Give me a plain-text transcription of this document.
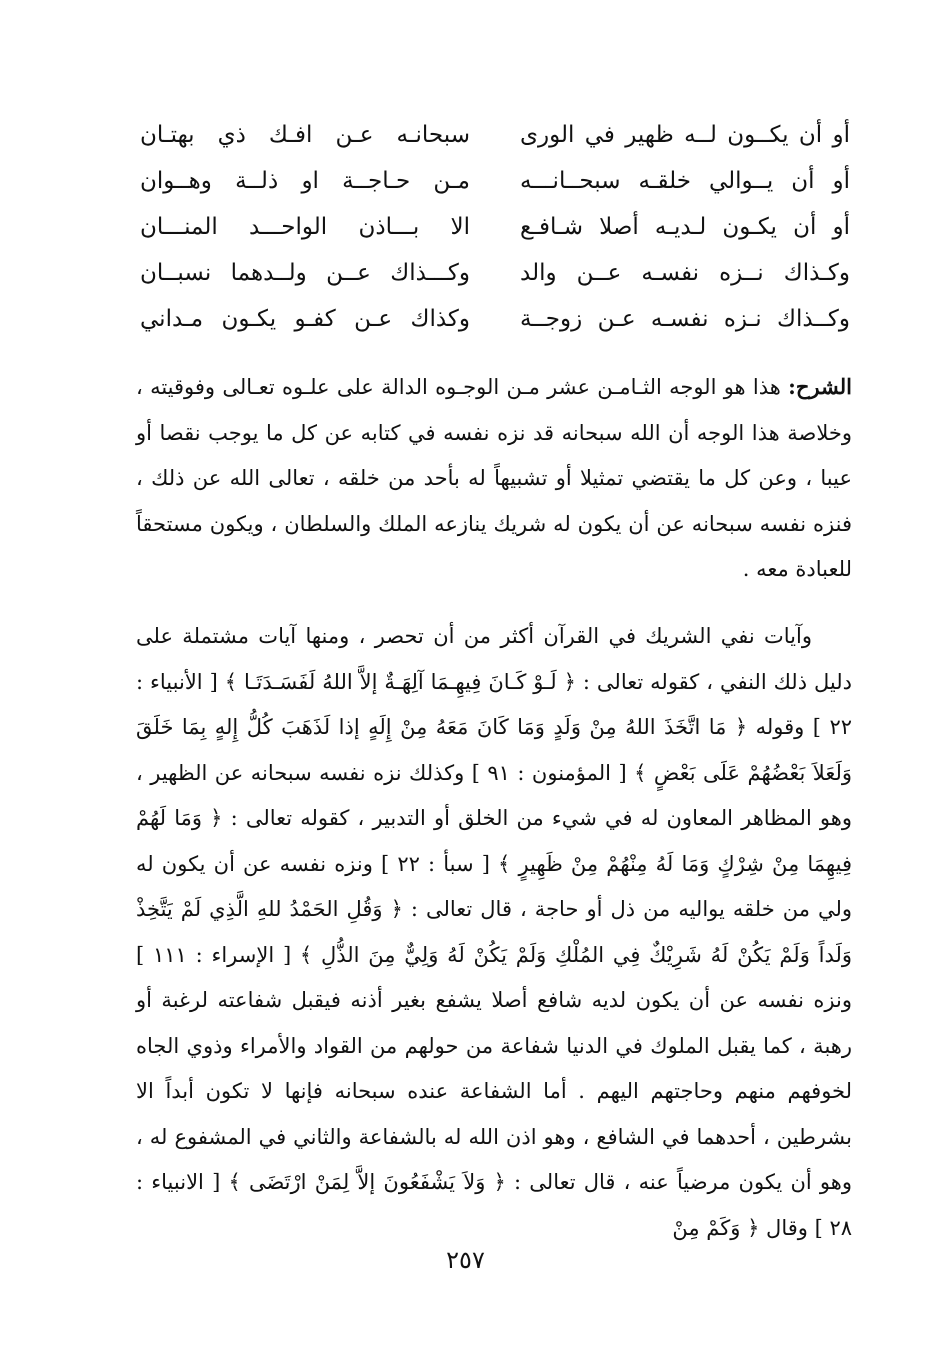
أو أن يكــون لــه ظهير في الورى
سبحانـه عـن افـك ذي بهتـان
أو أن يــوالي خلقـه سبحــانـــه
مـن حـاجــة او ذلــة وهــوان
أو أن يكـون لـديـه أصلا شـافـع
الا بـــاذن الواحـــد المنـــان
وكـذاك نــزه نفسـه عــن والد
وكـــذاك عــن ولــدهما نسبــان
وكــذاك نـزه نفسـه عـن زوجــة
وكذاك عـن كفـو يكـون مـداني

الشرح: هذا هو الوجه الثـامـن عشر مـن الوجـوه الدالة على علـوه تعـالى وفوقيته ، وخلاصة هذا الوجه أن الله سبحانه قد نزه نفسه في كتابه عن كل ما يوجب نقصا أو عيبا ، وعن كل ما يقتضي تمثيلا أو تشبيهاً له بأحد من خلقه ، تعالى الله عن ذلك ، فنزه نفسه سبحانه عن أن يكون له شريك ينازعه الملك والسلطان ، ويكون مستحقاً للعبادة معه .

وآيات نفي الشريك في القرآن أكثر من أن تحصر ، ومنها آيات مشتملة على دليل ذلك النفي ، كقوله تعالى : ﴿ لَـوْ كَـانَ فِيهِـمَا آلِهَـةٌ إلاَّ اللهُ لَفَسَـدَتَـا ﴾ [ الأنبياء : ٢٢ ] وقوله ﴿ مَا اتَّخَذَ اللهُ مِنْ وَلَدٍ وَمَا كَانَ مَعَهُ مِنْ إِلَهٍ إذا لَذَهَبَ كُلُّ إِلهٍ بِمَا خَلَقَ وَلَعَلاَ بَعْضُهُمْ عَلَى بَعْضٍ ﴾ [ المؤمنون : ٩١ ] وكذلك نزه نفسه سبحانه عن الظهير ، وهو المظاهر المعاون له في شيء من الخلق أو التدبير ، كقوله تعالى : ﴿ وَمَا لَهُمْ فِيهِمَا مِنْ شِرْكٍ وَمَا لَهُ مِنْهُمْ مِنْ ظَهِيرٍ ﴾ [ سبأ : ٢٢ ] ونزه نفسه عن أن يكون له ولي من خلقه يواليه من ذل أو حاجة ، قال تعالى : ﴿ وَقُلِ الحَمْدُ للهِ الَّذِي لَمْ يَتَّخِذْ وَلَداً وَلَمْ يَكُنْ لَهُ شَرِيْكٌ فِي المُلْكِ وَلَمْ يَكُنْ لَهُ وَلِيٌّ مِنَ الذُّلِ ﴾ [ الإسراء : ١١١ ] ونزه نفسه عن أن يكون لديه شافع أصلا يشفع بغير أذنه فيقبل شفاعته لرغبة أو رهبة ، كما يقبل الملوك في الدنيا شفاعة من حولهم من القواد والأمراء وذوي الجاه لخوفهم منهم وحاجتهم اليهم . أما الشفاعة عنده سبحانه فإنها لا تكون أبداً الا بشرطين ، أحدهما في الشافع ، وهو اذن الله له بالشفاعة والثاني في المشفوع له ، وهو أن يكون مرضياً عنه ، قال تعالى : ﴿ وَلاَ يَشْفَعُونَ إلاَّ لِمَنْ ارْتَضَى ﴾ [ الانبياء : ٢٨ ] وقال ﴿ وَكَمْ مِنْ

٢٥٧
